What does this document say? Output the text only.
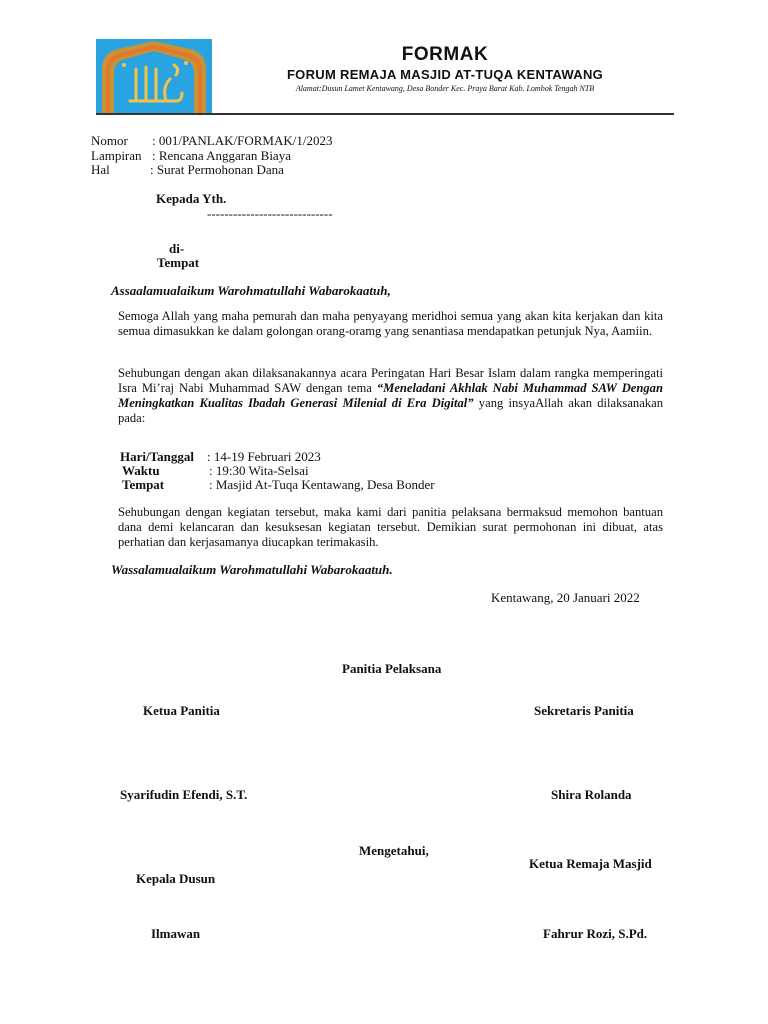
FORMAK
FORUM REMAJA MASJID AT-TUQA KENTAWANG
Alamat:Dusun Lamet Kentawang, Desa Bonder Kec. Praya Barat Kab. Lombok Tengah NTB
Nomor : 001/PANLAK/FORMAK/1/2023
Lampiran : Rencana Anggaran Biaya
Hal	: Surat Permohonan Dana
Kepada Yth.
-----------------------------
di-
Tempat
Assaalamualaikum Warohmatullahi Wabarokaatuh,
Semoga Allah yang maha pemurah dan maha penyayang meridhoi semua yang akan kita kerjakan dan kita semua dimasukkan ke dalam golongan orang-oramg yang senantiasa mendapatkan petunjuk Nya, Aamiin.
Sehubungan dengan akan dilaksanakannya acara Peringatan Hari Besar Islam dalam rangka memperingati Isra Mi’raj Nabi Muhammad SAW dengan tema “Meneladani Akhlak Nabi Muhammad SAW Dengan Meningkatkan Kualitas Ibadah Generasi Milenial di Era Digital” yang insyaAllah akan dilaksanakan pada:
Hari/Tanggal : 14-19 Februari 2023
Waktu	: 19:30 Wita-Selsai
Tempat	: Masjid At-Tuqa Kentawang, Desa Bonder
Sehubungan dengan kegiatan tersebut, maka kami dari panitia pelaksana bermaksud memohon bantuan dana demi kelancaran dan kesuksesan kegiatan tersebut. Demikian surat permohonan ini dibuat, atas perhatian dan kerjasamanya diucapkan terimakasih.
Wassalamualaikum Warohmatullahi Wabarokaatuh.
Kentawang, 20 Januari 2022
Panitia Pelaksana
Ketua Panitia	Sekretaris Panitia
Syarifudin Efendi, S.T.	Shira Rolanda
Mengetahui,
Ketua Remaja Masjid
Kepala Dusun
Ilmawan	Fahrur Rozi, S.Pd.
